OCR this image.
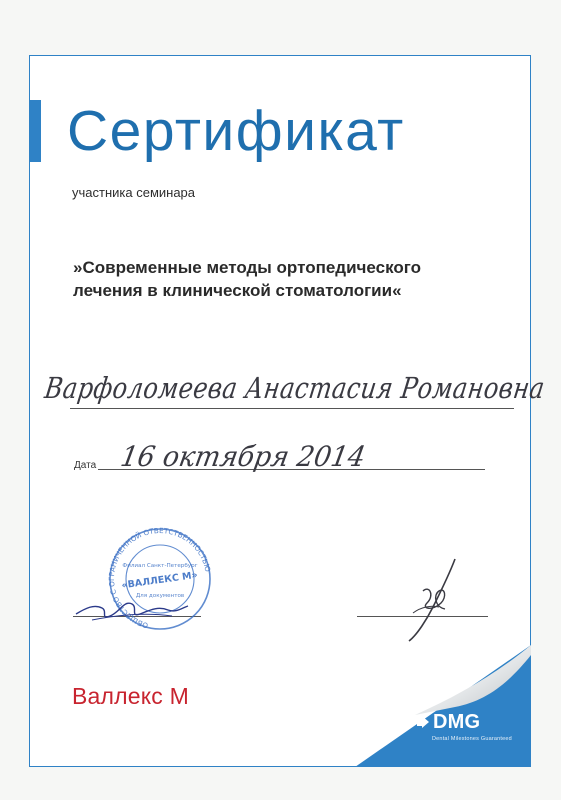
Сертификат
участника семинара
»Современные методы ортопедического
лечения в клинической стоматологии«
Варфоломеева Анастасия Романовна
Дата 16 октября 2014
ОБЩЕСТВО С ОГРАНИЧЕННОЙ ОТВЕТСТВЕННОСТЬЮ
Филиал Санкт-Петербург
«ВАЛЛЕКС М»
Для документов
Валлекс М
DMG
Dental Milestones Guaranteed
